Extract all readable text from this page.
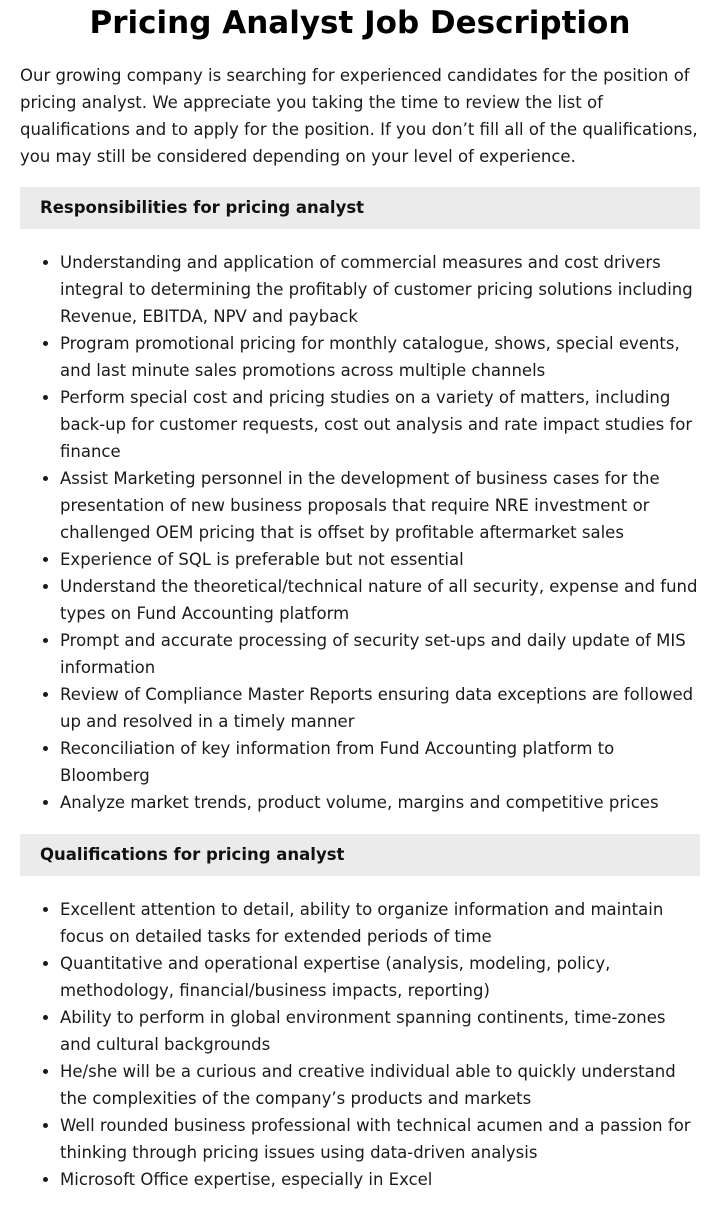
Pricing Analyst Job Description

Our growing company is searching for experienced candidates for the position of pricing analyst. We appreciate you taking the time to review the list of qualifications and to apply for the position. If you don’t fill all of the qualifications, you may still be considered depending on your level of experience.

Responsibilities for pricing analyst
• Understanding and application of commercial measures and cost drivers integral to determining the profitably of customer pricing solutions including Revenue, EBITDA, NPV and payback
• Program promotional pricing for monthly catalogue, shows, special events, and last minute sales promotions across multiple channels
• Perform special cost and pricing studies on a variety of matters, including back-up for customer requests, cost out analysis and rate impact studies for finance
• Assist Marketing personnel in the development of business cases for the presentation of new business proposals that require NRE investment or challenged OEM pricing that is offset by profitable aftermarket sales
• Experience of SQL is preferable but not essential
• Understand the theoretical/technical nature of all security, expense and fund types on Fund Accounting platform
• Prompt and accurate processing of security set-ups and daily update of MIS information
• Review of Compliance Master Reports ensuring data exceptions are followed up and resolved in a timely manner
• Reconciliation of key information from Fund Accounting platform to Bloomberg
• Analyze market trends, product volume, margins and competitive prices
Qualifications for pricing analyst
• Excellent attention to detail, ability to organize information and maintain focus on detailed tasks for extended periods of time
• Quantitative and operational expertise (analysis, modeling, policy, methodology, financial/business impacts, reporting)
• Ability to perform in global environment spanning continents, time-zones and cultural backgrounds
• He/she will be a curious and creative individual able to quickly understand the complexities of the company’s products and markets
• Well rounded business professional with technical acumen and a passion for thinking through pricing issues using data-driven analysis
• Microsoft Office expertise, especially in Excel
